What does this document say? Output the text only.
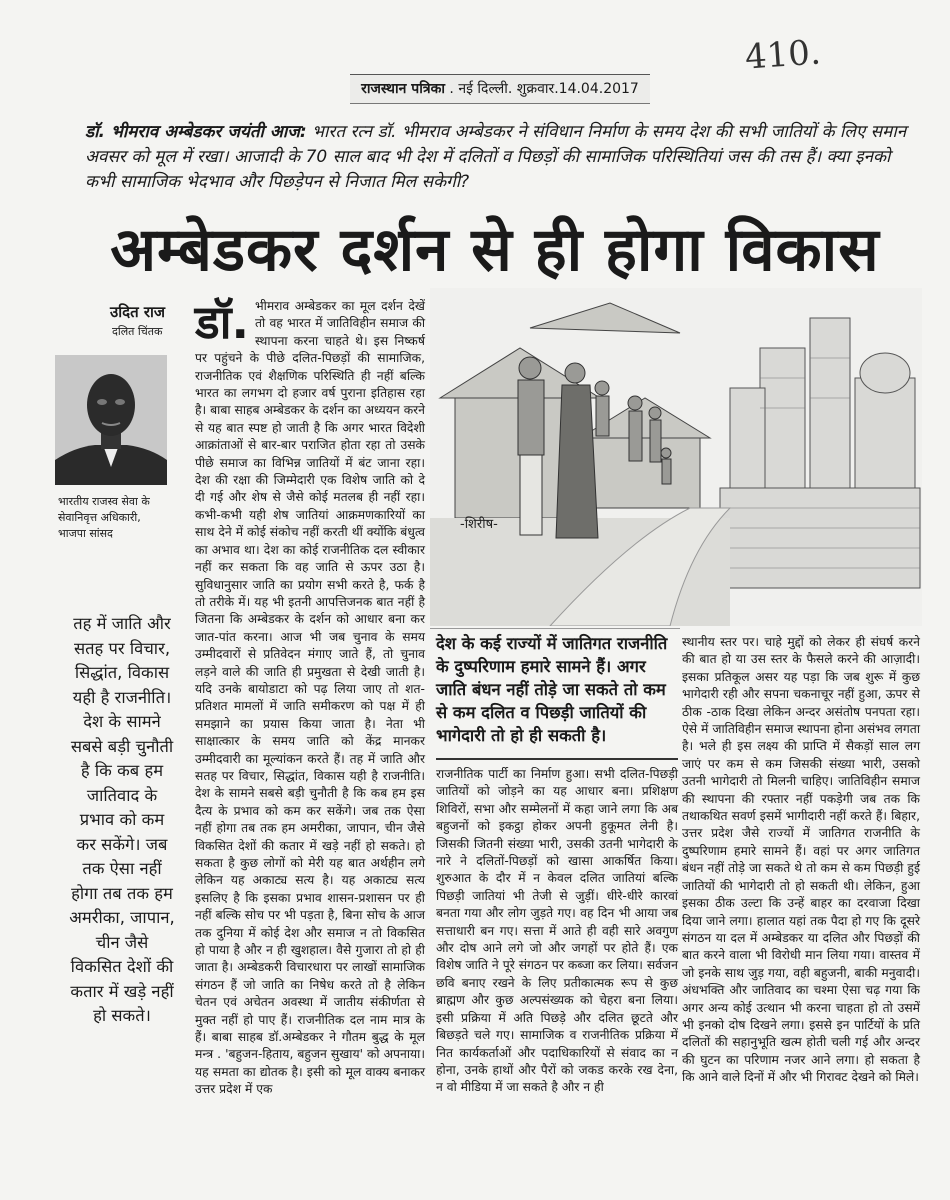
राजस्थान पत्रिका . नई दिल्ली. शुक्रवार.14.04.2017
410.
डॉ. भीमराव अम्बेडकर जयंती आज: भारत रत्न डॉ. भीमराव अम्बेडकर ने संविधान निर्माण के समय देश की सभी जातियों के लिए समान अवसर को मूल में रखा। आजादी के 70 साल बाद भी देश में दलितों व पिछड़ों की सामाजिक परिस्थितियां जस की तस हैं। क्या इनको कभी सामाजिक भेदभाव और पिछड़ेपन से निजात मिल सकेगी?
अम्बेडकर दर्शन से ही होगा विकास
उदित राज
दलित चिंतक
भारतीय राजस्व सेवा के सेवानिवृत्त अधिकारी, भाजपा सांसद
तह में जाति और सतह पर विचार, सिद्धांत, विकास यही है राजनीति। देश के सामने सबसे बड़ी चुनौती है कि कब हम जातिवाद के प्रभाव को कम कर सकेंगे। जब तक ऐसा नहीं होगा तब तक हम अमरीका, जापान, चीन जैसे विकसित देशों की कतार में खड़े नहीं हो सकते।
डॉ. भीमराव अम्बेडकर का मूल दर्शन देखें तो वह भारत में जातिविहीन समाज की स्थापना करना चाहते थे। इस निष्कर्ष पर पहुंचने के पीछे दलित-पिछड़ों की सामाजिक, राजनीतिक एवं शैक्षणिक परिस्थिति ही नहीं बल्कि भारत का लगभग दो हजार वर्ष पुराना इतिहास रहा है। बाबा साहब अम्बेडकर के दर्शन का अध्ययन करने से यह बात स्पष्ट हो जाती है कि अगर भारत विदेशी आक्रांताओं से बार-बार पराजित होता रहा तो उसके पीछे समाज का विभिन्न जातियों में बंट जाना रहा। देश की रक्षा की जिम्मेदारी एक विशेष जाति को दे दी गई और शेष से जैसे कोई मतलब ही नहीं रहा। कभी-कभी यही शेष जातियां आक्रमणकारियों का साथ देने में कोई संकोच नहीं करती थीं क्योंकि बंधुत्व का अभाव था। देश का कोई राजनीतिक दल स्वीकार नहीं कर सकता कि वह जाति से ऊपर उठा है। सुविधानुसार जाति का प्रयोग सभी करते है, फर्क है तो तरीके में। यह भी इतनी आपत्तिजनक बात नहीं है जितना कि अम्बेडकर के दर्शन को आधार बना कर जात-पांत करना। आज भी जब चुनाव के समय उम्मीदवारों से प्रतिवेदन मंगाए जाते हैं, तो चुनाव लड़ने वाले की जाति ही प्रमुखता से देखी जाती है। यदि उनके बायोडाटा को पढ़ लिया जाए तो शत-प्रतिशत मामलों में जाति समीकरण को पक्ष में ही समझाने का प्रयास किया जाता है। नेता भी साक्षात्कार के समय जाति को केंद्र मानकर उम्मीदवारी का मूल्यांकन करते हैं। तह में जाति और सतह पर विचार, सिद्धांत, विकास यही है राजनीति। देश के सामने सबसे बड़ी चुनौती है कि कब हम इस दैत्य के प्रभाव को कम कर सकेंगे। जब तक ऐसा नहीं होगा तब तक हम अमरीका, जापान, चीन जैसे विकसित देशों की कतार में खड़े नहीं हो सकते। हो सकता है कुछ लोगों को मेरी यह बात अर्थहीन लगे लेकिन यह अकाट्य सत्य है। यह अकाट्य सत्य इसलिए है कि इसका प्रभाव शासन-प्रशासन पर ही नहीं बल्कि सोच पर भी पड़ता है, बिना सोच के आज तक दुनिया में कोई देश और समाज न तो विकसित हो पाया है और न ही खुशहाल। वैसे गुजारा तो हो ही जाता है। अम्बेडकरी विचारधारा पर लाखों सामाजिक संगठन हैं जो जाति का निषेध करते तो है लेकिन चेतन एवं अचेतन अवस्था में जातीय संकीर्णता से मुक्त नहीं हो पाए हैं। राजनीतिक दल नाम मात्र के हैं। बाबा साहब डॉ.अम्बेडकर ने गौतम बुद्ध के मूल मन्त्र . 'बहुजन-हिताय, बहुजन सुखाय' को अपनाया। यह समता का द्योतक है। इसी को मूल वाक्य बनाकर उत्तर प्रदेश में एक
-शिरीष-
देश के कई राज्यों में जातिगत राजनीति के दुष्परिणाम हमारे सामने हैं। अगर जाति बंधन नहीं तोड़े जा सकते तो कम से कम दलित व पिछड़ी जातियों की भागेदारी तो हो ही सकती है।
राजनीतिक पार्टी का निर्माण हुआ। सभी दलित-पिछड़ी जातियों को जोड़ने का यह आधार बना। प्रशिक्षण शिविरों, सभा और सम्मेलनों में कहा जाने लगा कि अब बहुजनों को इकट्ठा होकर अपनी हुकूमत लेनी है। जिसकी जितनी संख्या भारी, उसकी उतनी भागेदारी के नारे ने दलितों-पिछड़ों को खासा आकर्षित किया। शुरुआत के दौर में न केवल दलित जातियां बल्कि पिछड़ी जातियां भी तेजी से जुड़ीं। धीरे-धीरे कारवां बनता गया और लोग जुड़ते गए। वह दिन भी आया जब सत्ताधारी बन गए। सत्ता में आते ही वही सारे अवगुण और दोष आने लगे जो और जगहों पर होते हैं। एक विशेष जाति ने पूरे संगठन पर कब्जा कर लिया। सर्वजन छवि बनाए रखने के लिए प्रतीकात्मक रूप से कुछ ब्राह्मण और कुछ अल्पसंख्यक को चेहरा बना लिया। इसी प्रक्रिया में अति पिछड़े और दलित छूटते और बिछड़ते चले गए। सामाजिक व राजनीतिक प्रक्रिया में नित कार्यकर्ताओं और पदाधिकारियों से संवाद का न होना, उनके हाथों और पैरों को जकड करके रख देना, न वो मीडिया में जा सकते है और न ही
स्थानीय स्तर पर। चाहे मुद्दों को लेकर ही संघर्ष करने की बात हो या उस स्तर के फैसले करने की आज़ादी। इसका प्रतिकूल असर यह पड़ा कि जब शुरू में कुछ भागेदारी रही और सपना चकनाचूर नहीं हुआ, ऊपर से ठीक -ठाक दिखा लेकिन अन्दर असंतोष पनपता रहा। ऐसे में जातिविहीन समाज स्थापना होना असंभव लगता है। भले ही इस लक्ष्य की प्राप्ति में सैकड़ों साल लग जाएं पर कम से कम जिसकी संख्या भारी, उसको उतनी भागेदारी तो मिलनी चाहिए। जातिविहीन समाज की स्थापना की रफ्तार नहीं पकड़ेगी जब तक कि तथाकथित सवर्ण इसमें भागीदारी नहीं करते हैं। बिहार, उत्तर प्रदेश जैसे राज्यों में जातिगत राजनीति के दुष्परिणाम हमारे सामने हैं। वहां पर अगर जातिगत बंधन नहीं तोड़े जा सकते थे तो कम से कम पिछड़ी हुई जातियों की भागेदारी तो हो सकती थी। लेकिन, हुआ इसका ठीक उल्टा कि उन्हें बाहर का दरवाजा दिखा दिया जाने लगा। हालात यहां तक पैदा हो गए कि दूसरे संगठन या दल में अम्बेडकर या दलित और पिछड़ों की बात करने वाला भी विरोधी मान लिया गया। वास्तव में जो इनके साथ जुड़ गया, वही बहुजनी, बाकी मनुवादी। अंधभक्ति और जातिवाद का चश्मा ऐसा चढ़ गया कि अगर अन्य कोई उत्थान भी करना चाहता हो तो उसमें भी इनको दोष दिखने लगा। इससे इन पार्टियों के प्रति दलितों की सहानुभूति खत्म होती चली गई और अन्दर की घुटन का परिणाम नजर आने लगा। हो सकता है कि आने वाले दिनों में और भी गिरावट देखने को मिले।
